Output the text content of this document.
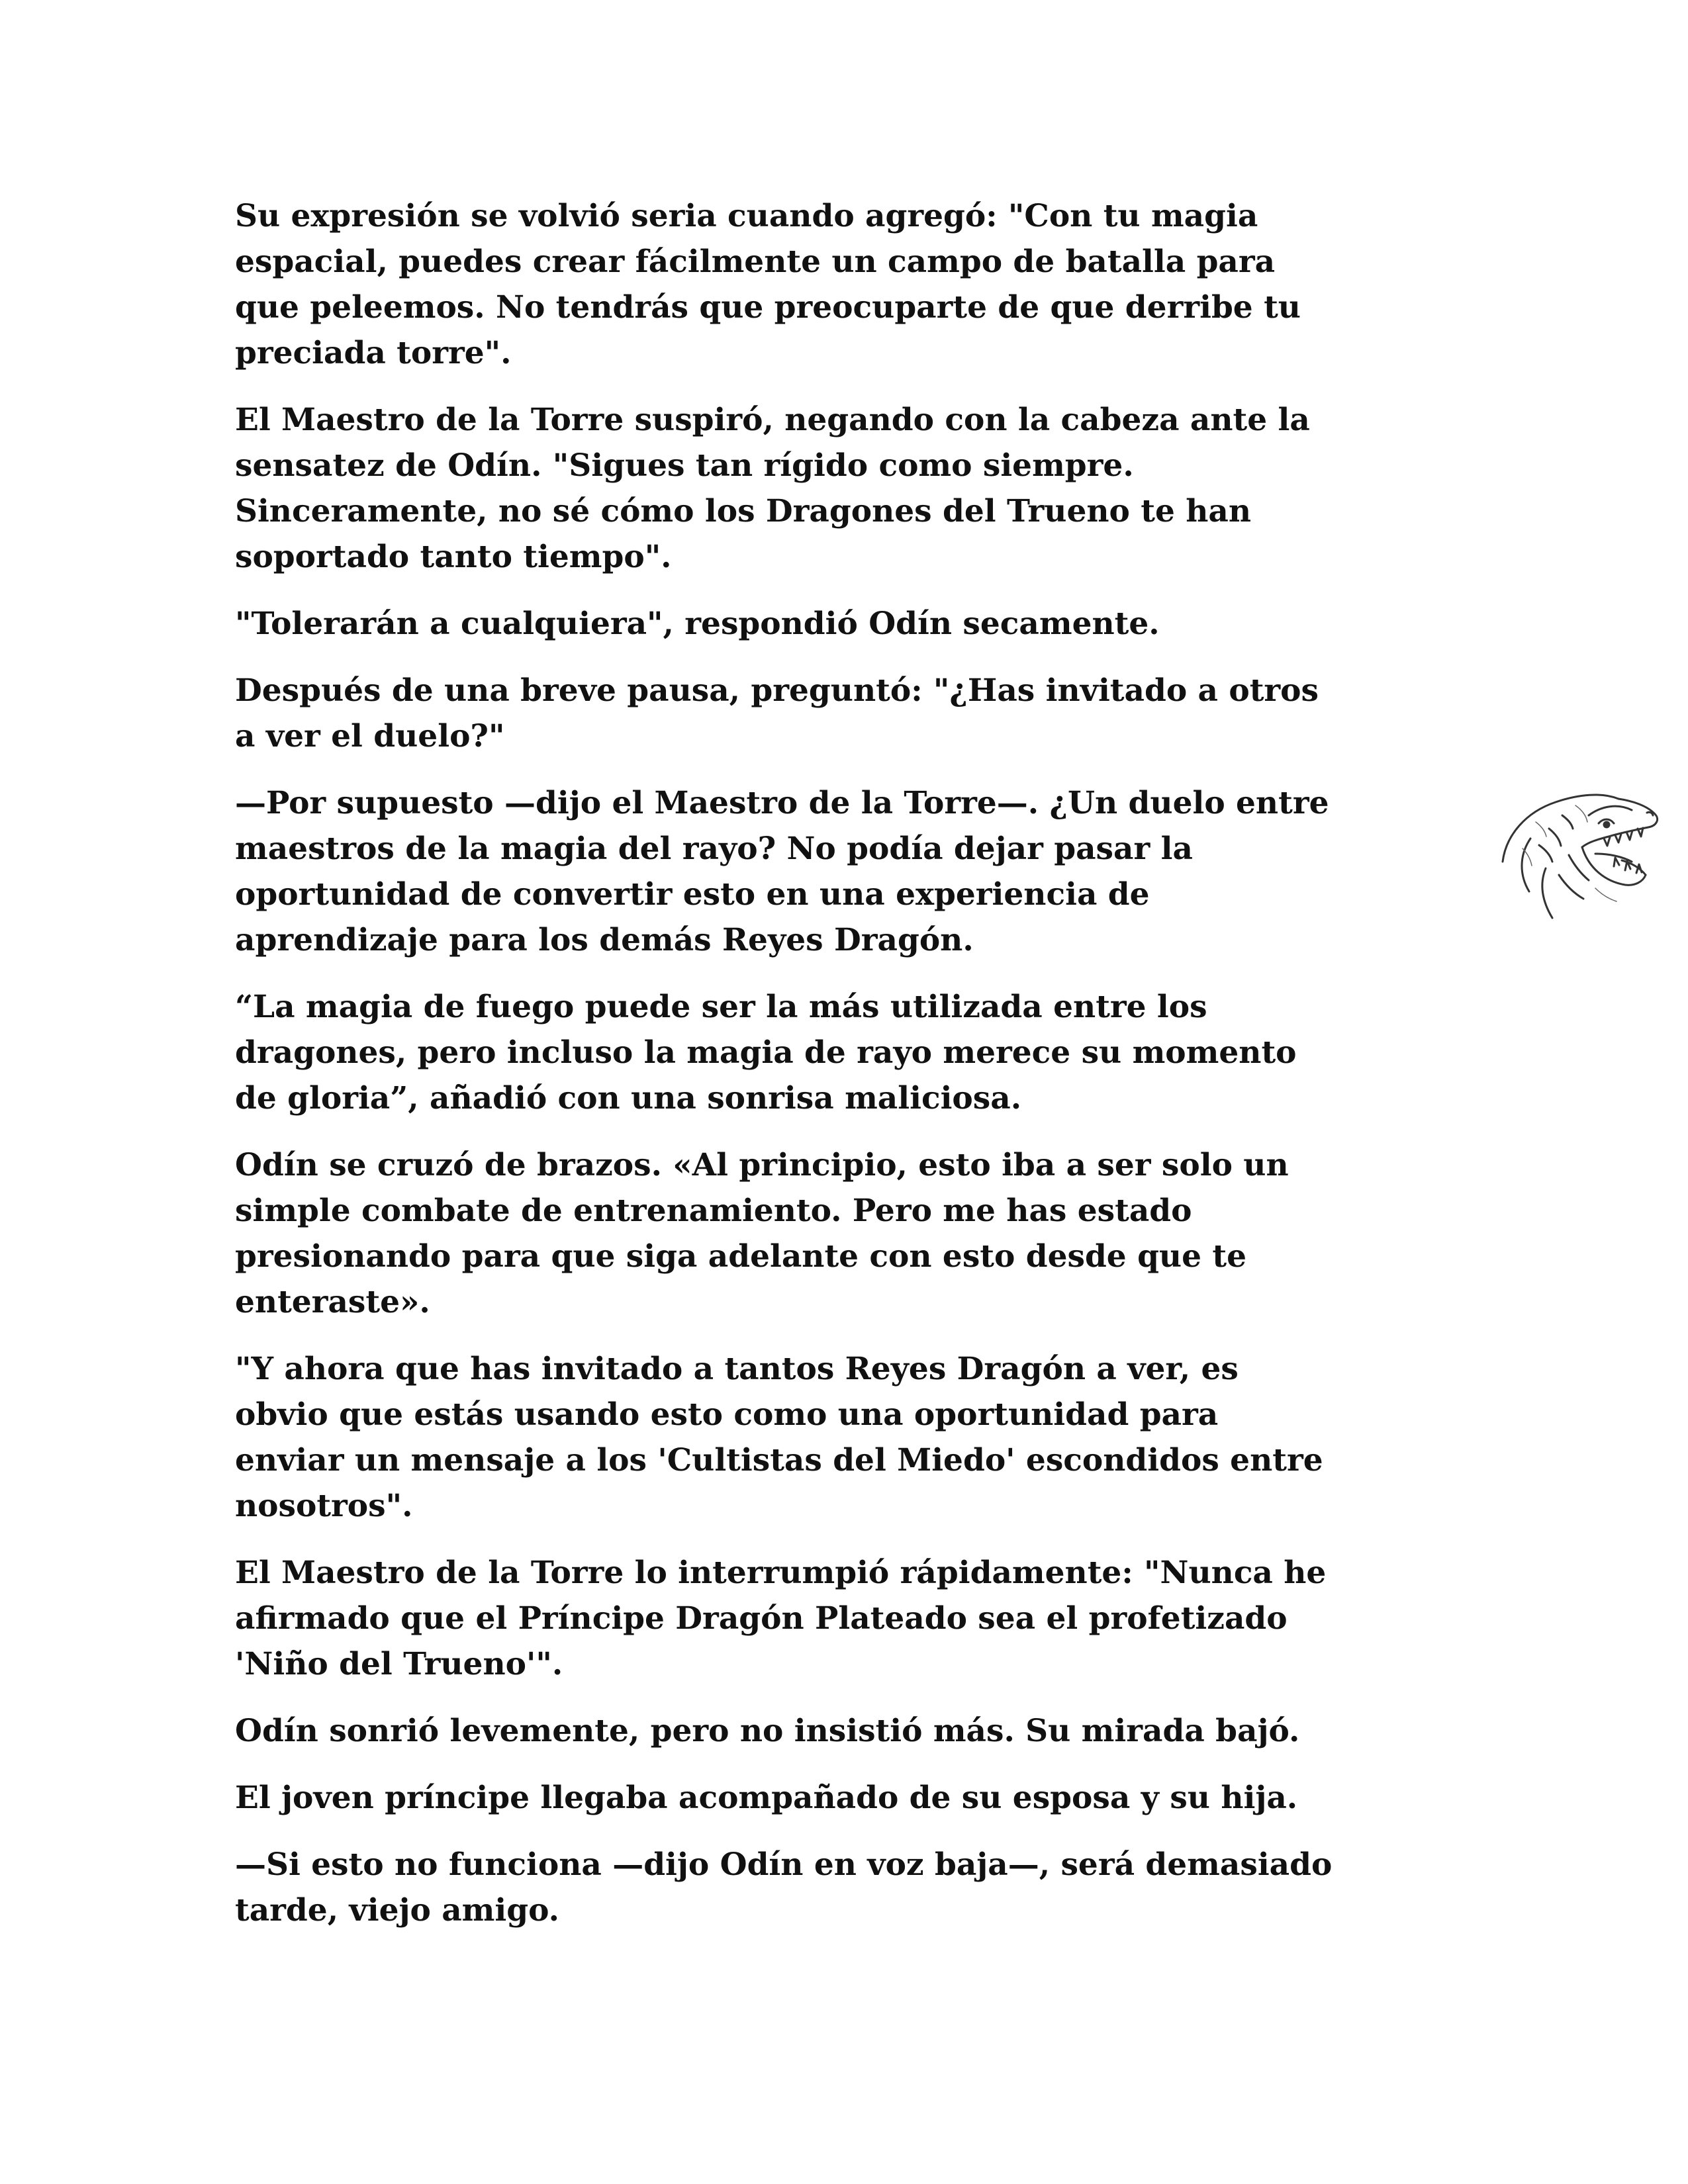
Su expresión se volvió seria cuando agregó: "Con tu magia
espacial, puedes crear fácilmente un campo de batalla para
que peleemos. No tendrás que preocuparte de que derribe tu
preciada torre".

El Maestro de la Torre suspiró, negando con la cabeza ante la
sensatez de Odín. "Sigues tan rígido como siempre.
Sinceramente, no sé cómo los Dragones del Trueno te han
soportado tanto tiempo".

"Tolerarán a cualquiera", respondió Odín secamente.

Después de una breve pausa, preguntó: "¿Has invitado a otros
a ver el duelo?"

—Por supuesto —dijo el Maestro de la Torre—. ¿Un duelo entre
maestros de la magia del rayo? No podía dejar pasar la
oportunidad de convertir esto en una experiencia de
aprendizaje para los demás Reyes Dragón.

“La magia de fuego puede ser la más utilizada entre los
dragones, pero incluso la magia de rayo merece su momento
de gloria”, añadió con una sonrisa maliciosa.

Odín se cruzó de brazos. «Al principio, esto iba a ser solo un
simple combate de entrenamiento. Pero me has estado
presionando para que siga adelante con esto desde que te
enteraste».

"Y ahora que has invitado a tantos Reyes Dragón a ver, es
obvio que estás usando esto como una oportunidad para
enviar un mensaje a los 'Cultistas del Miedo' escondidos entre
nosotros".

El Maestro de la Torre lo interrumpió rápidamente: "Nunca he
afirmado que el Príncipe Dragón Plateado sea el profetizado
'Niño del Trueno'".

Odín sonrió levemente, pero no insistió más. Su mirada bajó.

El joven príncipe llegaba acompañado de su esposa y su hija.

—Si esto no funciona —dijo Odín en voz baja—, será demasiado
tarde, viejo amigo.
